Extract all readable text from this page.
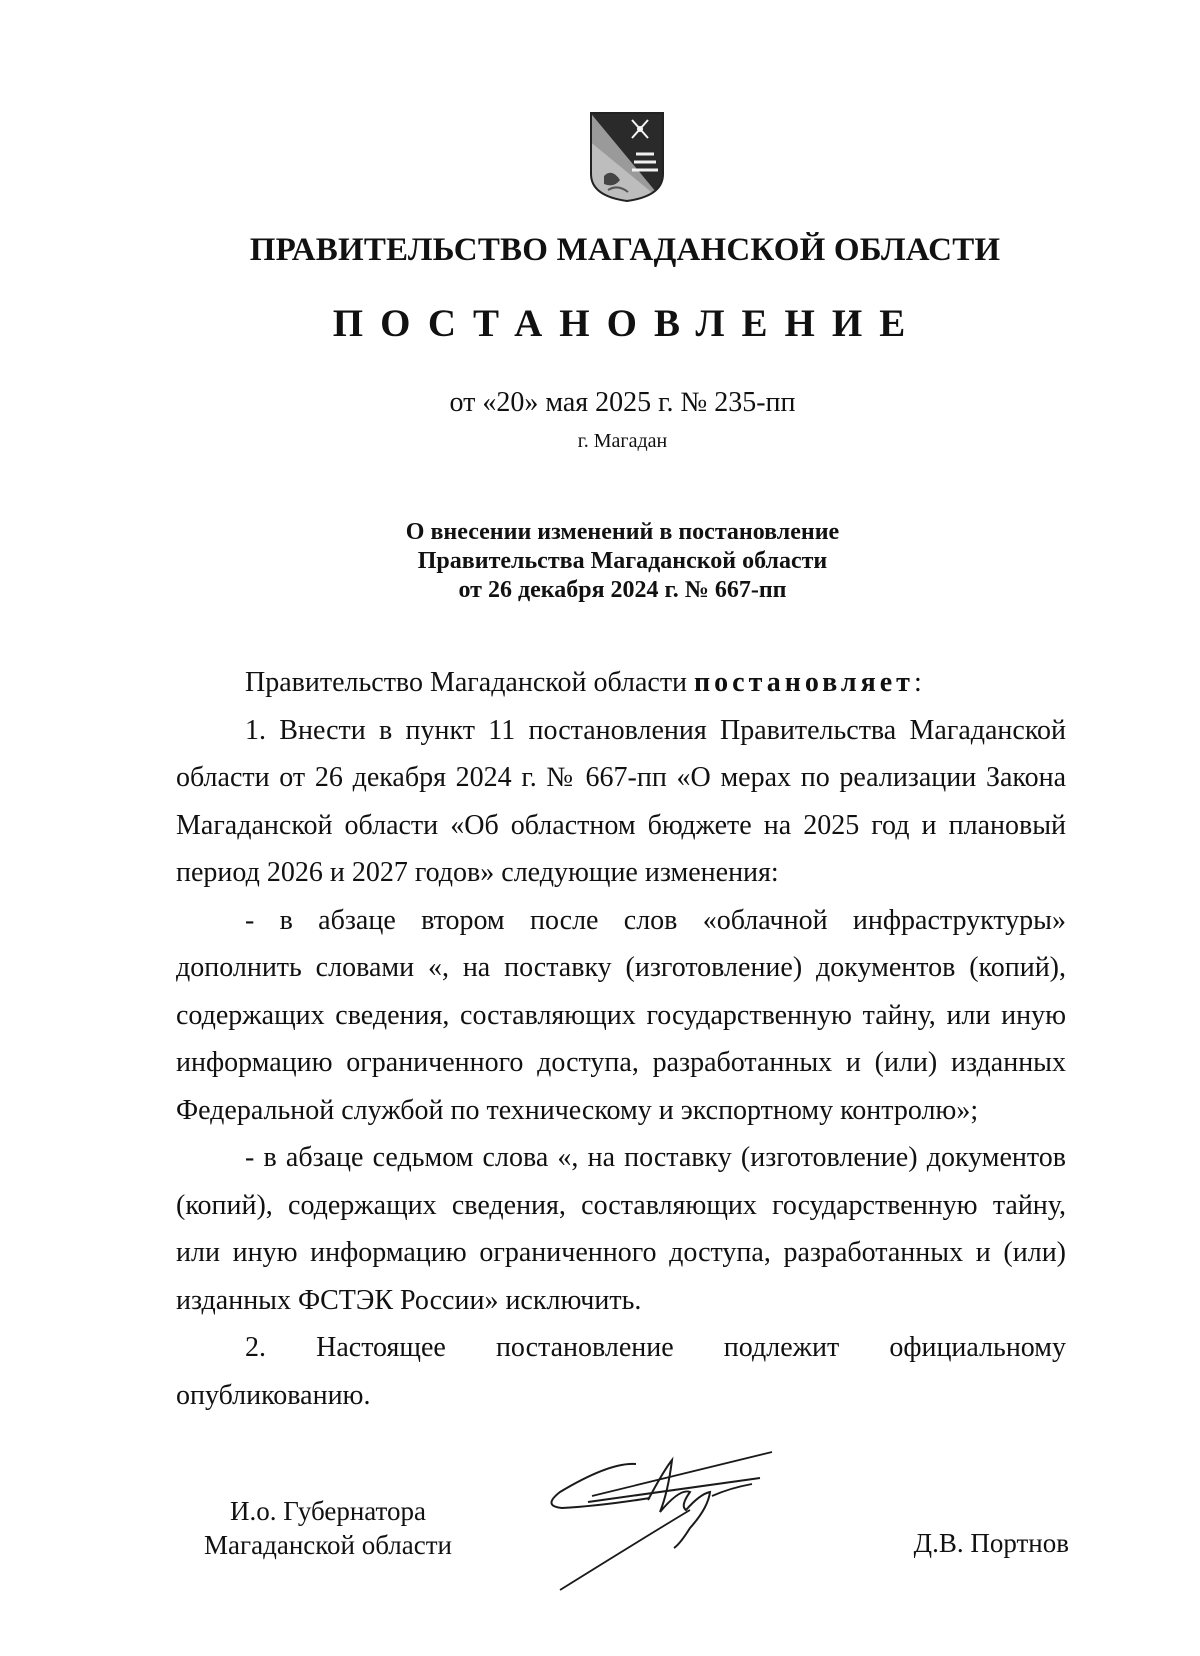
ПРАВИТЕЛЬСТВО МАГАДАНСКОЙ ОБЛАСТИ
ПОСТАНОВЛЕНИЕ
от «20» мая 2025 г. № 235-пп
г. Магадан
О внесении изменений в постановление
Правительства Магаданской области
от 26 декабря 2024 г. № 667-пп

Правительство Магаданской области постановляет:

1. Внести в пункт 11 постановления Правительства Магаданской области от 26 декабря 2024 г. № 667-пп «О мерах по реализации Закона Магаданской области «Об областном бюджете на 2025 год и плановый период 2026 и 2027 годов» следующие изменения:

- в абзаце втором после слов «облачной инфраструктуры» дополнить словами «, на поставку (изготовление) документов (копий), содержащих сведения, составляющих государственную тайну, или иную информацию ограниченного доступа, разработанных и (или) изданных Федеральной службой по техническому и экспортному контролю»;

- в абзаце седьмом слова «, на поставку (изготовление) документов (копий), содержащих сведения, составляющих государственную тайну, или иную информацию ограниченного доступа, разработанных и (или) изданных ФСТЭК России» исключить.

2. Настоящее постановление подлежит официальному опубликованию.

И.о. Губернатора
Магаданской области	Д.В. Портнов
